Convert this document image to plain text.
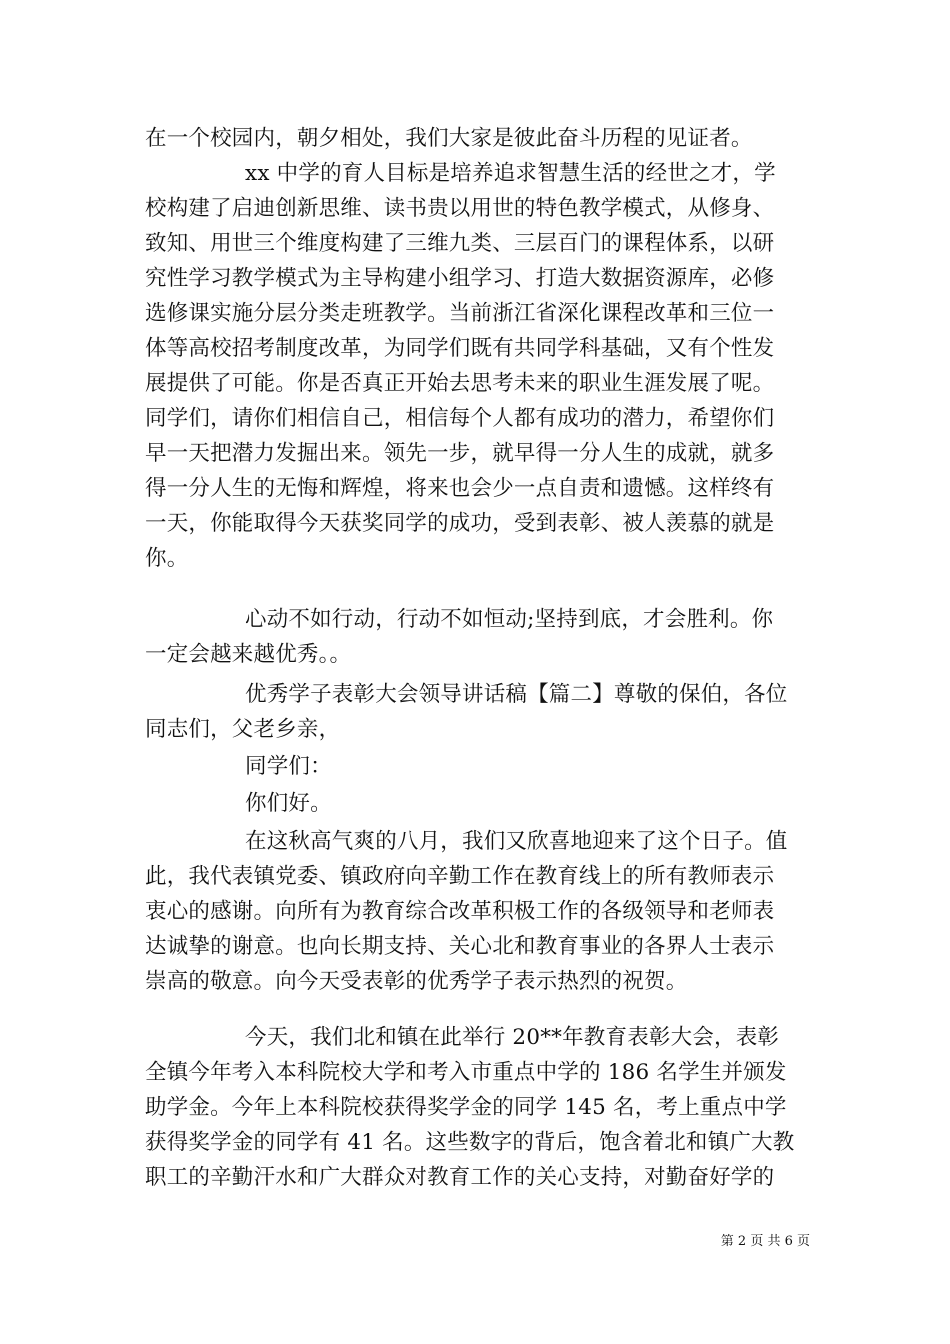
在一个校园内，朝夕相处，我们大家是彼此奋斗历程的见证者。
xx 中学的育人目标是培养追求智慧生活的经世之才，学
校构建了启迪创新思维、读书贵以用世的特色教学模式，从修身、
致知、用世三个维度构建了三维九类、三层百门的课程体系，以研
究性学习教学模式为主导构建小组学习、打造大数据资源库，必修
选修课实施分层分类走班教学。当前浙江省深化课程改革和三位一
体等高校招考制度改革，为同学们既有共同学科基础，又有个性发
展提供了可能。你是否真正开始去思考未来的职业生涯发展了呢。
同学们，请你们相信自己，相信每个人都有成功的潜力，希望你们
早一天把潜力发掘出来。领先一步，就早得一分人生的成就，就多
得一分人生的无悔和辉煌，将来也会少一点自责和遗憾。这样终有
一天，你能取得今天获奖同学的成功，受到表彰、被人羡慕的就是
你。
心动不如行动，行动不如恒动;坚持到底，才会胜利。你
一定会越来越优秀。。
优秀学子表彰大会领导讲话稿【篇二】尊敬的保伯，各位
同志们，父老乡亲，
同学们：
你们好。
在这秋高气爽的八月，我们又欣喜地迎来了这个日子。值
此，我代表镇党委、镇政府向辛勤工作在教育线上的所有教师表示
衷心的感谢。向所有为教育综合改革积极工作的各级领导和老师表
达诚挚的谢意。也向长期支持、关心北和教育事业的各界人士表示
崇高的敬意。向今天受表彰的优秀学子表示热烈的祝贺。
今天，我们北和镇在此举行 20**年教育表彰大会，表彰
全镇今年考入本科院校大学和考入市重点中学的 186 名学生并颁发
助学金。今年上本科院校获得奖学金的同学 145 名，考上重点中学
获得奖学金的同学有 41 名。这些数字的背后，饱含着北和镇广大教
职工的辛勤汗水和广大群众对教育工作的关心支持，对勤奋好学的
第 2 页 共 6 页
